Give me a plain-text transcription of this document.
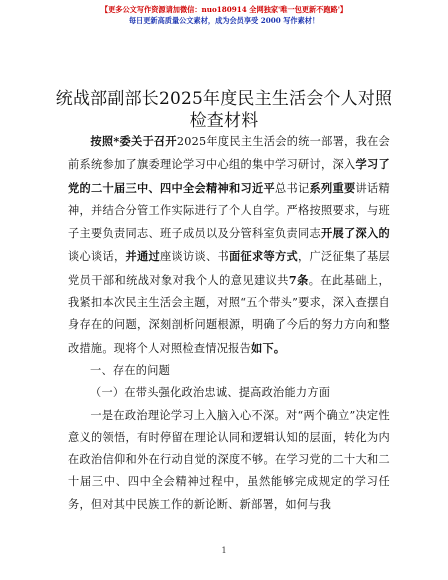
【更多公文写作资源请加微信：nuo180914 全网独家'唯一包更新不跑路'】
每日更新高质量公文素材，成为会员享受 2000 写作素材！
统战部副部长2025年度民主生活会个人对照检查材料

按照*委关于召开2025年度民主生活会的统一部署，我在会前系统参加了旗委理论学习中心组的集中学习研讨，深入学习了党的二十届三中、四中全会精神和习近平总书记系列重要讲话精神，并结合分管工作实际进行了个人自学。严格按照要求，与班子主要负责同志、班子成员以及分管科室负责同志开展了深入的谈心谈话，并通过座谈访谈、书面征求等方式，广泛征集了基层党员干部和统战对象对我个人的意见建议共7条。在此基础上，我紧扣本次民主生活会主题，对照“五个带头”要求，深入查摆自身存在的问题，深刻剖析问题根源，明确了今后的努力方向和整改措施。现将个人对照检查情况报告如下。

一、存在的问题

（一）在带头强化政治忠诚、提高政治能力方面

一是在政治理论学习上入脑入心不深。对“两个确立”决定性意义的领悟，有时停留在理论认同和逻辑认知的层面，转化为内在政治信仰和外在行动自觉的深度不够。在学习党的二十大和二十届三中、四中全会精神过程中，虽然能够完成规定的学习任务，但对其中民族工作的新论断、新部署，如何与我

1
